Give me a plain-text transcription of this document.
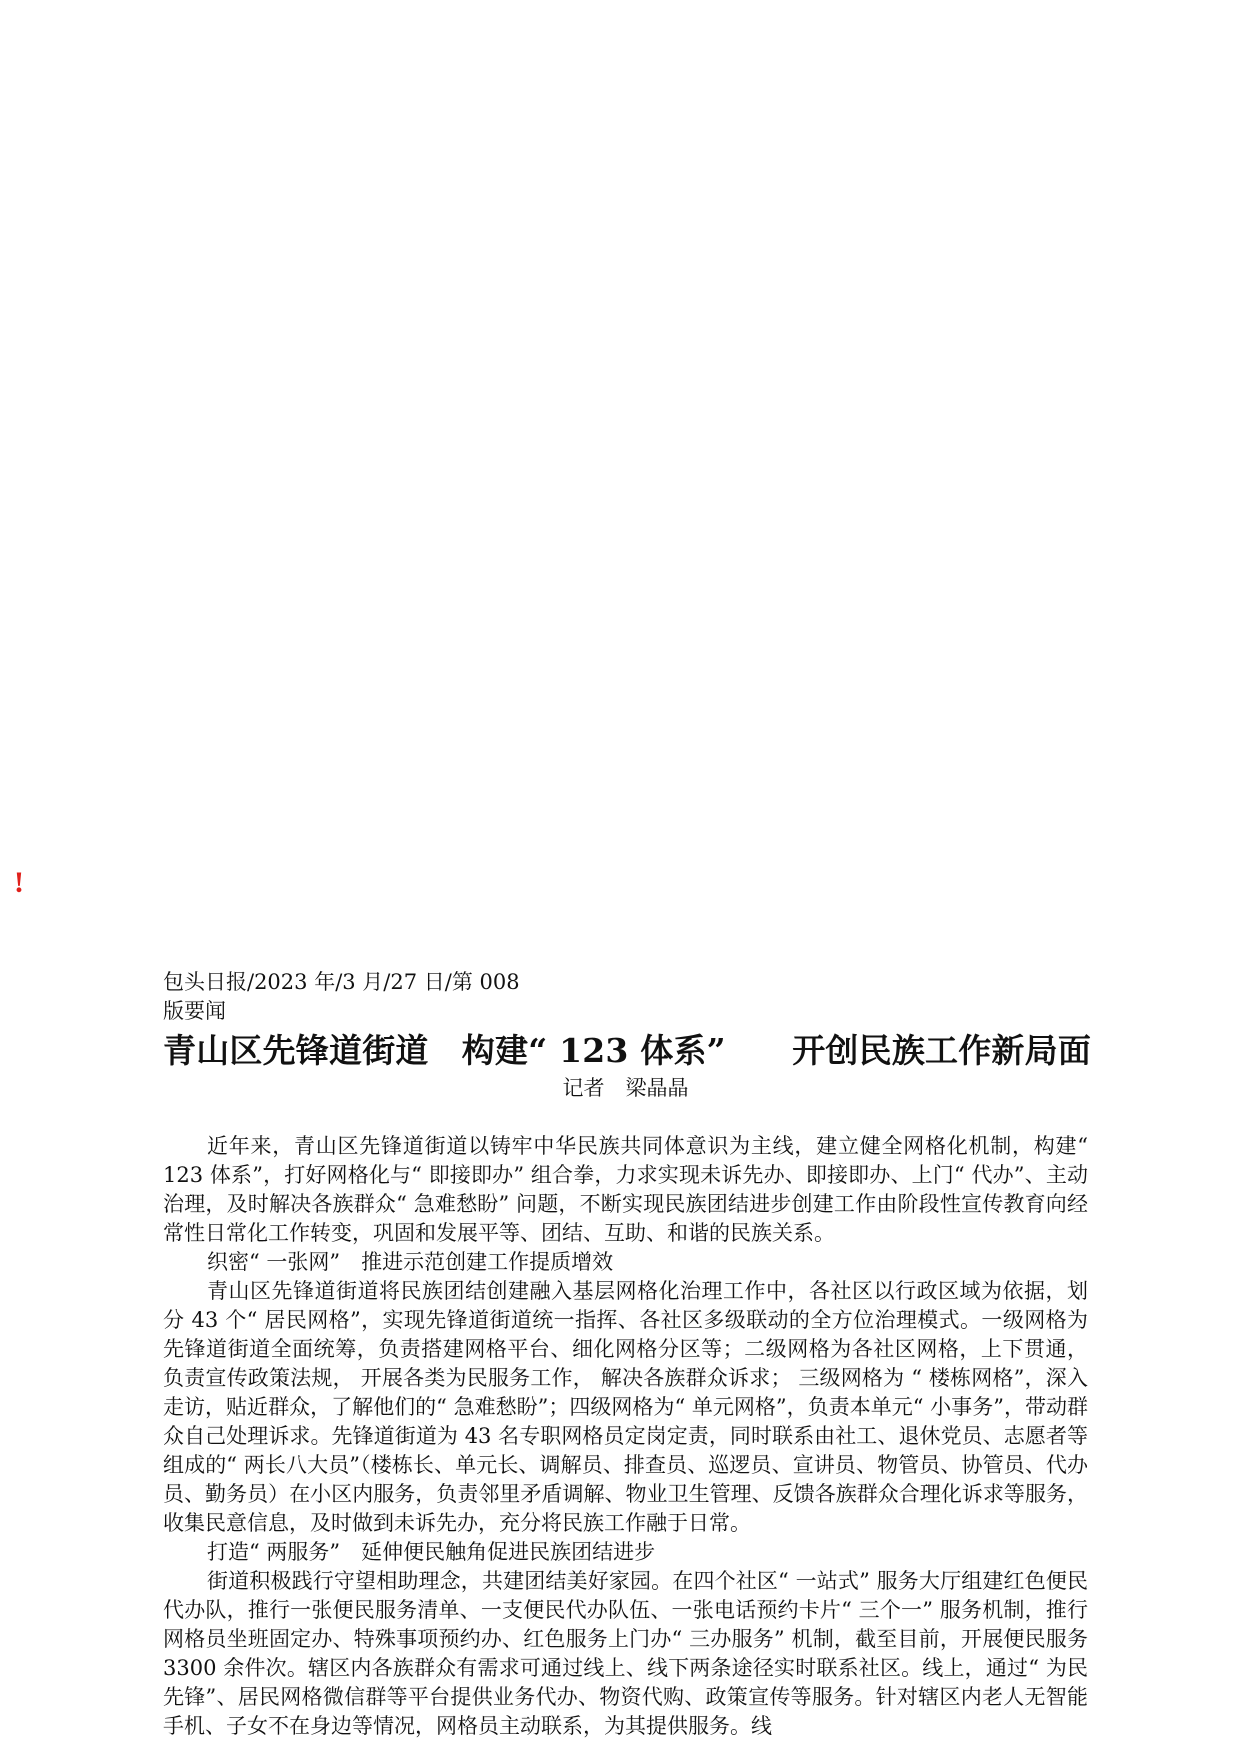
!
包头日报/2023 年/3 月/27 日/第 008 版要闻
青山区先锋道街道　构建“ 123 体系”　　开创民族工作新局面
记者　梁晶晶

近年来，青山区先锋道街道以铸牢中华民族共同体意识为主线，建立健全网格化机制，构建“ 123 体系”，打好网格化与“ 即接即办” 组合拳，力求实现未诉先办、即接即办、上门“ 代办”、主动治理，及时解决各族群众“ 急难愁盼” 问题，不断实现民族团结进步创建工作由阶段性宣传教育向经常性日常化工作转变，巩固和发展平等、团结、互助、和谐的民族关系。

织密“ 一张网”　推进示范创建工作提质增效

青山区先锋道街道将民族团结创建融入基层网格化治理工作中，各社区以行政区域为依据，划分 43 个“ 居民网格”，实现先锋道街道统一指挥、各社区多级联动的全方位治理模式。一级网格为先锋道街道全面统筹，负责搭建网格平台、细化网格分区等；二级网格为各社区网格，上下贯通， 负责宣传政策法规， 开展各类为民服务工作， 解决各族群众诉求； 三级网格为 “ 楼栋网格”，深入走访，贴近群众，了解他们的“ 急难愁盼”；四级网格为“ 单元网格”，负责本单元“ 小事务”，带动群众自己处理诉求。先锋道街道为 43 名专职网格员定岗定责，同时联系由社工、退休党员、志愿者等组成的“ 两长八大员”（楼栋长、单元长、调解员、排查员、巡逻员、宣讲员、物管员、协管员、代办员、勤务员）在小区内服务，负责邻里矛盾调解、物业卫生管理、反馈各族群众合理化诉求等服务，收集民意信息，及时做到未诉先办，充分将民族工作融于日常。

打造“ 两服务”　延伸便民触角促进民族团结进步

街道积极践行守望相助理念，共建团结美好家园。在四个社区“ 一站式” 服务大厅组建红色便民代办队，推行一张便民服务清单、一支便民代办队伍、一张电话预约卡片“ 三个一” 服务机制，推行网格员坐班固定办、特殊事项预约办、红色服务上门办“ 三办服务” 机制，截至目前，开展便民服务 3300 余件次。辖区内各族群众有需求可通过线上、线下两条途径实时联系社区。线上，通过“ 为民先锋”、居民网格微信群等平台提供业务代办、物资代购、政策宣传等服务。针对辖区内老人无智能手机、子女不在身边等情况，网格员主动联系，为其提供服务。线
